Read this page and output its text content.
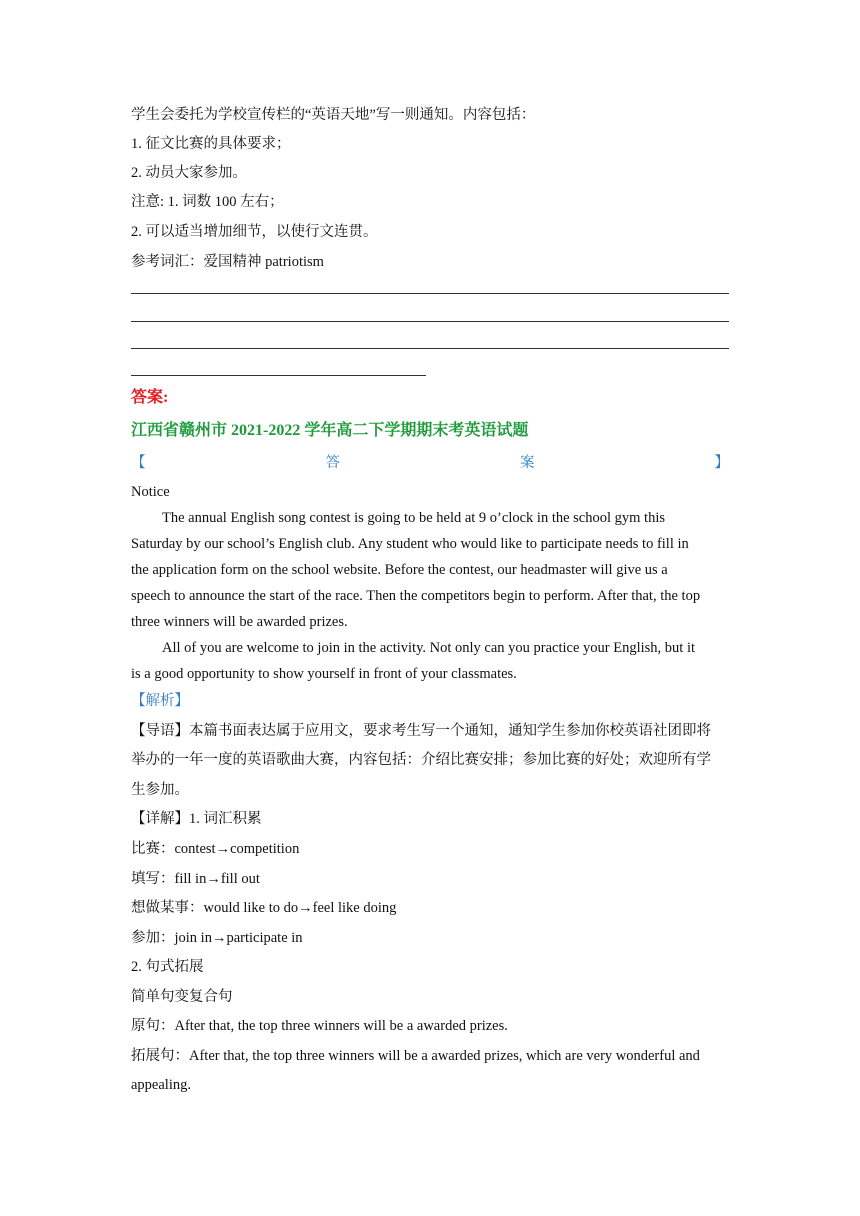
学生会委托为学校宣传栏的“英语天地”写一则通知。内容包括：
1. 征文比赛的具体要求；
2. 动员大家参加。
注意: 1. 词数 100 左右；
2. 可以适当增加细节，以使行文连贯。
参考词汇：爱国精神 patriotism
答案:
江西省赣州市 2021-2022 学年高二下学期期末考英语试题
【	答	案	】
Notice
The annual English song contest is going to be held at 9 o’clock in the school gym this
Saturday by our school’s English club. Any student who would like to participate needs to fill in
the application form on the school website. Before the contest, our headmaster will give us a
speech to announce the start of the race. Then the competitors begin to perform. After that, the top
three winners will be awarded prizes.
All of you are welcome to join in the activity. Not only can you practice your English, but it
is a good opportunity to show yourself in front of your classmates.
【解析】
【导语】本篇书面表达属于应用文，要求考生写一个通知，通知学生参加你校英语社团即将
举办的一年一度的英语歌曲大赛，内容包括：介绍比赛安排；参加比赛的好处；欢迎所有学
生参加。
【详解】1. 词汇积累
比赛：contest→competition
填写：fill in→fill out
想做某事：would like to do→feel like doing
参加：join in→participate in
2. 句式拓展
简单句变复合句
原句：After that, the top three winners will be a awarded prizes.
拓展句：After that, the top three winners will be a awarded prizes, which are very wonderful and
appealing.
